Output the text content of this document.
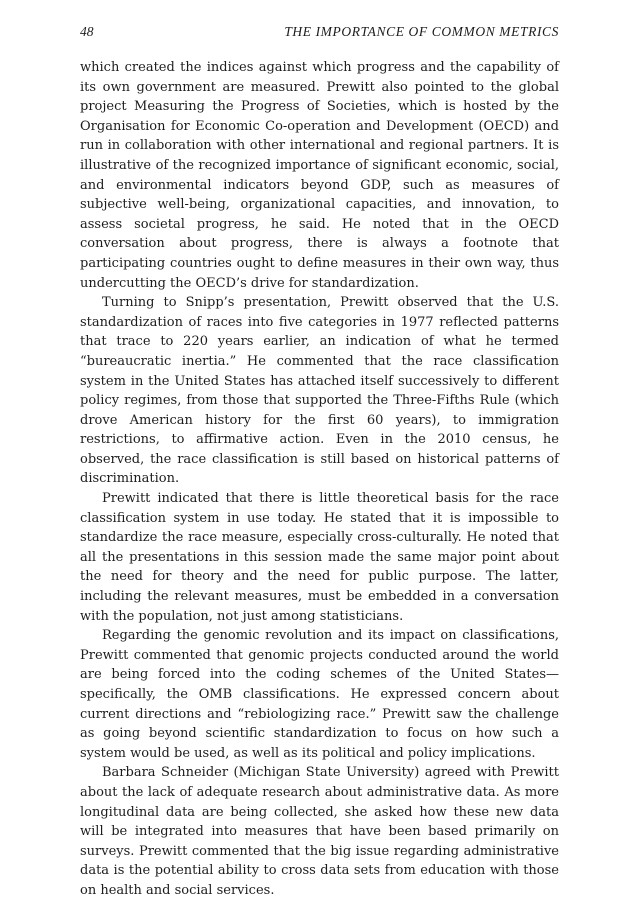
48	THE IMPORTANCE OF COMMON METRICS

which created the indices against which progress and the capability of its own government are measured. Prewitt also pointed to the global project Measuring the Progress of Societies, which is hosted by the Organisation for Economic Co-operation and Development (OECD) and run in collaboration with other international and regional partners. It is illustrative of the recognized importance of significant economic, social, and environmental indicators beyond GDP, such as measures of subjective well-being, organizational capacities, and innovation, to assess societal progress, he said. He noted that in the OECD conversation about progress, there is always a footnote that participating countries ought to define measures in their own way, thus undercutting the OECD’s drive for standardization.

Turning to Snipp’s presentation, Prewitt observed that the U.S. standardization of races into five categories in 1977 reflected patterns that trace to 220 years earlier, an indication of what he termed “bureaucratic inertia.” He commented that the race classification system in the United States has attached itself successively to different policy regimes, from those that supported the Three-Fifths Rule (which drove American history for the first 60 years), to immigration restrictions, to affirmative action. Even in the 2010 census, he observed, the race classification is still based on historical patterns of discrimination.

Prewitt indicated that there is little theoretical basis for the race classification system in use today. He stated that it is impossible to standardize the race measure, especially cross-culturally. He noted that all the presentations in this session made the same major point about the need for theory and the need for public purpose. The latter, including the relevant measures, must be embedded in a conversation with the population, not just among statisticians.

Regarding the genomic revolution and its impact on classifications, Prewitt commented that genomic projects conducted around the world are being forced into the coding schemes of the United States—specifically, the OMB classifications. He expressed concern about current directions and “rebiologizing race.” Prewitt saw the challenge as going beyond scientific standardization to focus on how such a system would be used, as well as its political and policy implications.

Barbara Schneider (Michigan State University) agreed with Prewitt about the lack of adequate research about administrative data. As more longitudinal data are being collected, she asked how these new data will be integrated into measures that have been based primarily on surveys. Prewitt commented that the big issue regarding administrative data is the potential ability to cross data sets from education with those on health and social services.
